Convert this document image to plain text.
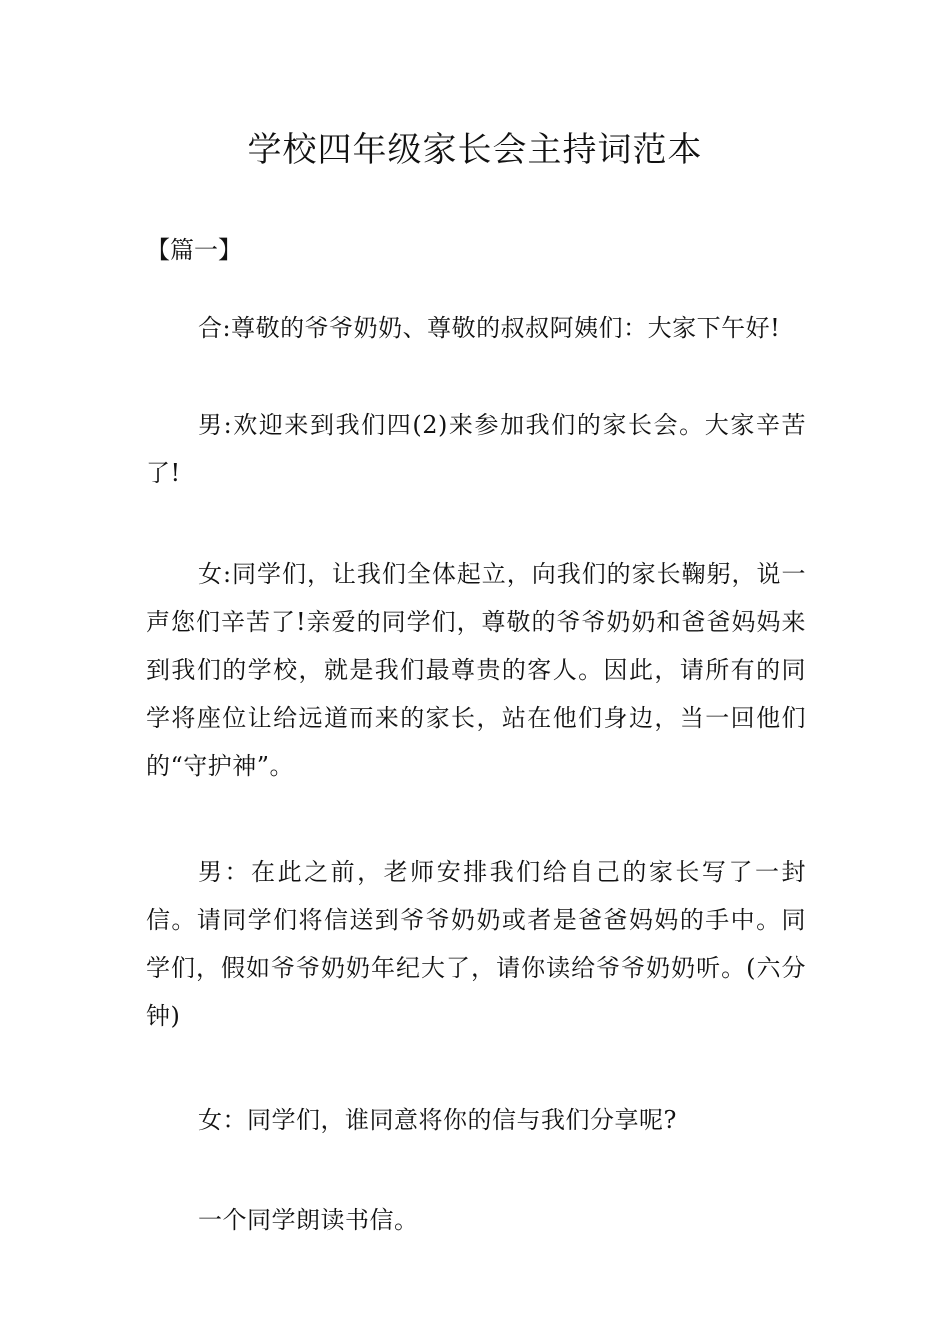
学校四年级家长会主持词范本
【篇一】

合:尊敬的爷爷奶奶、尊敬的叔叔阿姨们：大家下午好!

男:欢迎来到我们四(2)来参加我们的家长会。大家辛苦了!

女:同学们，让我们全体起立，向我们的家长鞠躬，说一声您们辛苦了!亲爱的同学们，尊敬的爷爷奶奶和爸爸妈妈来到我们的学校，就是我们最尊贵的客人。因此，请所有的同学将座位让给远道而来的家长，站在他们身边，当一回他们的“守护神”。

男：在此之前，老师安排我们给自己的家长写了一封信。请同学们将信送到爷爷奶奶或者是爸爸妈妈的手中。同学们，假如爷爷奶奶年纪大了，请你读给爷爷奶奶听。(六分钟)

女：同学们，谁同意将你的信与我们分享呢?

一个同学朗读书信。
